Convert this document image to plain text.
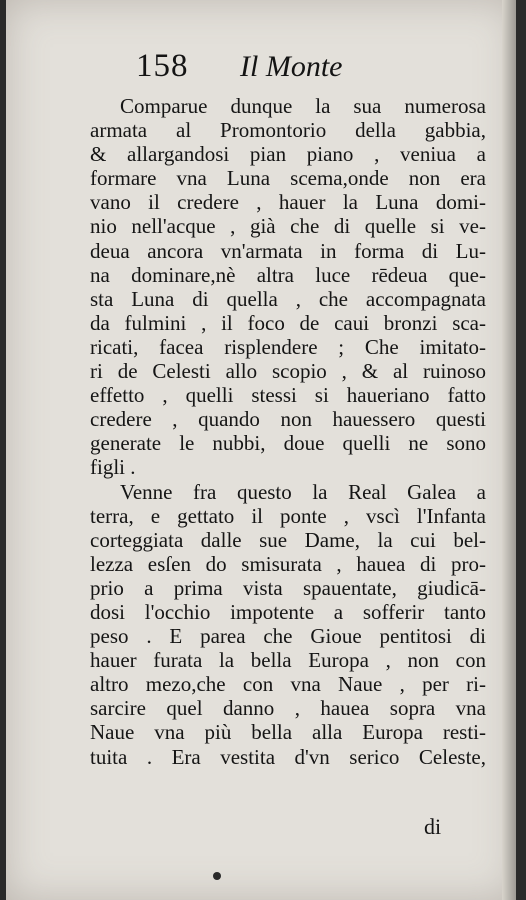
158 Il Monte
Comparue dunque la sua numerosa
armata al Promontorio della gabbia,
& allargandosi pian piano , veniua a
formare vna Luna scema,onde non era
vano il credere , hauer la Luna domi-
nio nell'acque , già che di quelle si ve-
deua ancora vn'armata in forma di Lu-
na dominare,nè altra luce rēdeua que-
sta Luna di quella , che accompagnata
da fulmini , il foco de caui bronzi sca-
ricati, facea risplendere ; Che imitato-
ri de Celesti allo scopio , & al ruinoso
effetto , quelli stessi si haueriano fatto
credere , quando non hauessero questi
generate le nubbi, doue quelli ne sono
figli .
Venne fra questo la Real Galea a
terra, e gettato il ponte , vscì l'Infanta
corteggiata dalle sue Dame, la cui bel-
lezza esſen do smisurata , hauea di pro-
prio a prima vista spauentate, giudicā-
dosi l'occhio impotente a sofferir tanto
peso . E parea che Gioue pentitosi di
hauer furata la bella Europa , non con
altro mezo,che con vna Naue , per ri-
sarcire quel danno , hauea sopra vna
Naue vna più bella alla Europa resti-
tuita . Era vestita d'vn serico Celeste,
di
